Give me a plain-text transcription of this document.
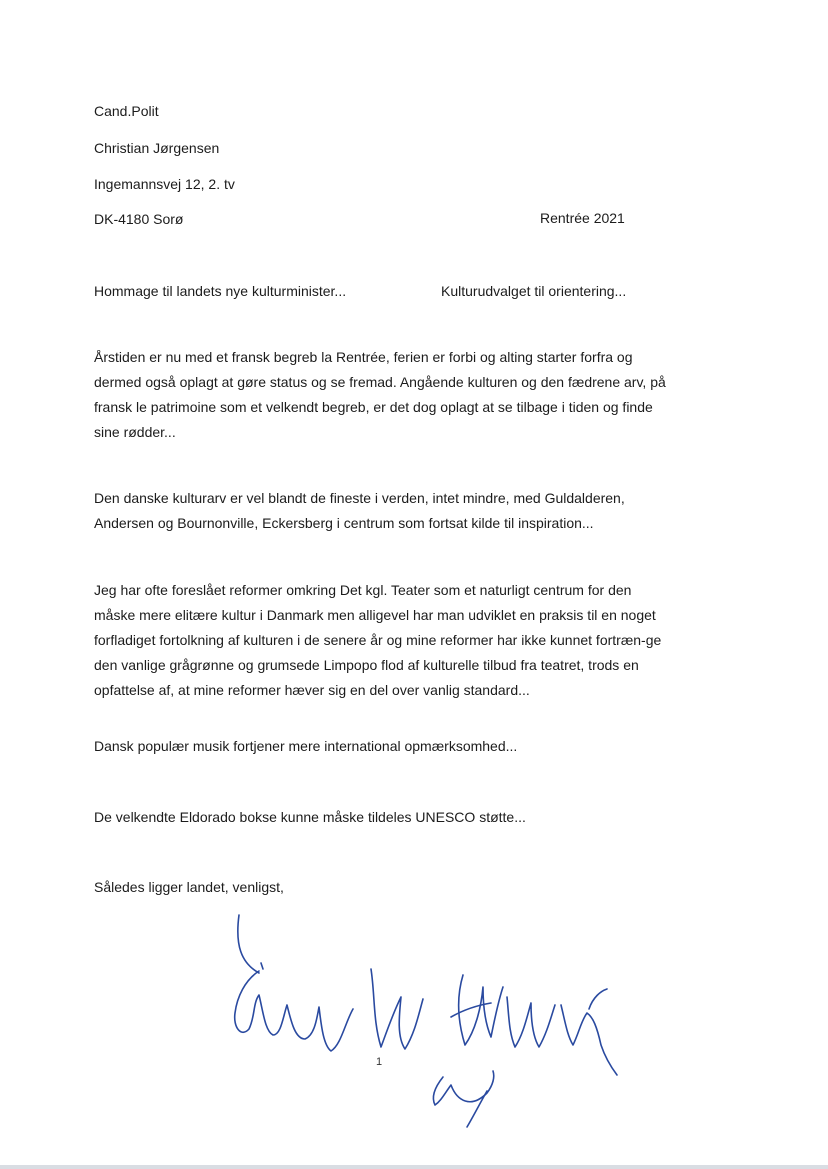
Cand.Polit
Christian Jørgensen
Ingemannsvej 12, 2. tv
DK-4180 Sorø	Rentrée 2021
Hommage til landets nye kulturminister...	Kulturudvalget til orientering...

Årstiden er nu med et fransk begreb la Rentrée, ferien er forbi og alting starter forfra og dermed også oplagt at gøre status og se fremad. Angående kulturen og den fædrene arv, på fransk le patrimoine som et velkendt begreb, er det dog oplagt at se tilbage i tiden og finde sine rødder...

Den danske kulturarv er vel blandt de fineste i verden, intet mindre, med Guldalderen, Andersen og Bournonville, Eckersberg i centrum som fortsat kilde til inspiration...

Jeg har ofte foreslået reformer omkring Det kgl. Teater som et naturligt centrum for den måske mere elitære kultur i Danmark men alligevel har man udviklet en praksis til en noget forfladiget fortolkning af kulturen i de senere år og mine reformer har ikke kunnet fortræn-ge den vanlige grågrønne og grumsede Limpopo flod af kulturelle tilbud fra teatret, trods en opfattelse af, at mine reformer hæver sig en del over vanlig standard...

Dansk populær musik fortjener mere international opmærksomhed...

De velkendte Eldorado bokse kunne måske tildeles UNESCO støtte...

Således ligger landet, venligst,
1
